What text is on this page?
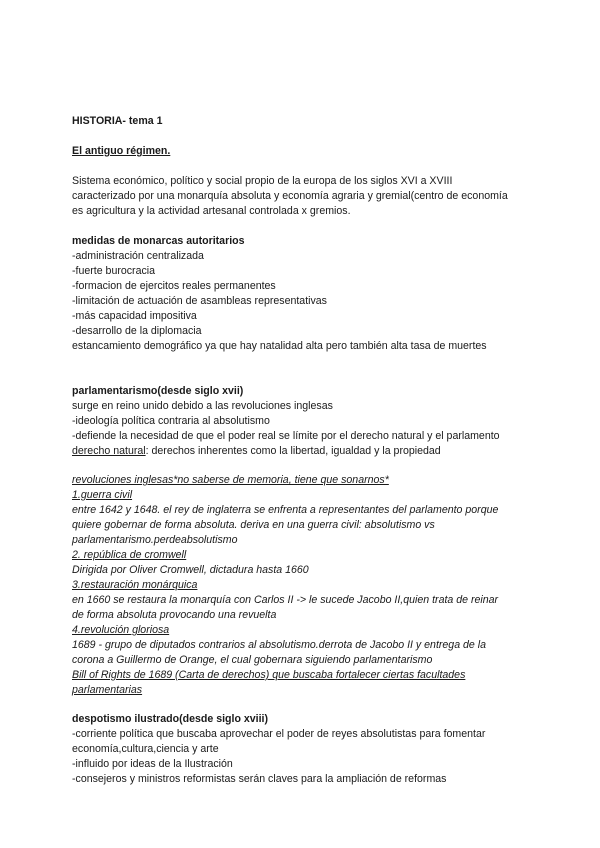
HISTORIA- tema 1
El antiguo régimen.
Sistema económico, político y social propio de la europa de los siglos XVI a XVIII
caracterizado por una monarquía absoluta y economía agraria y gremial(centro de economía
es agricultura y la actividad artesanal controlada x gremios.
medidas de monarcas autoritarios
-administración centralizada
-fuerte burocracia
-formacion de ejercitos reales permanentes
-limitación de actuación de asambleas representativas
-más capacidad impositiva
-desarrollo de la diplomacia
estancamiento demográfico ya que hay natalidad alta pero también alta tasa de muertes
parlamentarismo(desde siglo xvii)
surge en reino unido debido a las revoluciones inglesas
-ideología política contraria al absolutismo
-defiende la necesidad de que el poder real se límite por el derecho natural y el parlamento
derecho natural: derechos inherentes como la libertad, igualdad y la propiedad
revoluciones inglesas*no saberse de memoria, tiene que sonarnos*
1.guerra civil
entre 1642 y 1648. el rey de inglaterra se enfrenta a representantes del parlamento porque
quiere gobernar de forma absoluta. deriva en una guerra civil: absolutismo vs
parlamentarismo.perdeabsolutismo
2. república de cromwell
Dirigida por Oliver Cromwell, dictadura hasta 1660
3.restauración monárquica
en 1660 se restaura la monarquía con Carlos II -> le sucede Jacobo II,quien trata de reinar
de forma absoluta provocando una revuelta
4.revolución gloriosa
1689 - grupo de diputados contrarios al absolutismo.derrota de Jacobo II y entrega de la
corona a Guillermo de Orange, el cual gobernara siguiendo parlamentarismo
Bill of Rights de 1689 (Carta de derechos) que buscaba fortalecer ciertas facultades
parlamentarias
despotismo ilustrado(desde siglo xviii)
-corriente política que buscaba aprovechar el poder de reyes absolutistas para fomentar
economía,cultura,ciencia y arte
-influido por ideas de la Ilustración
-consejeros y ministros reformistas serán claves para la ampliación de reformas
